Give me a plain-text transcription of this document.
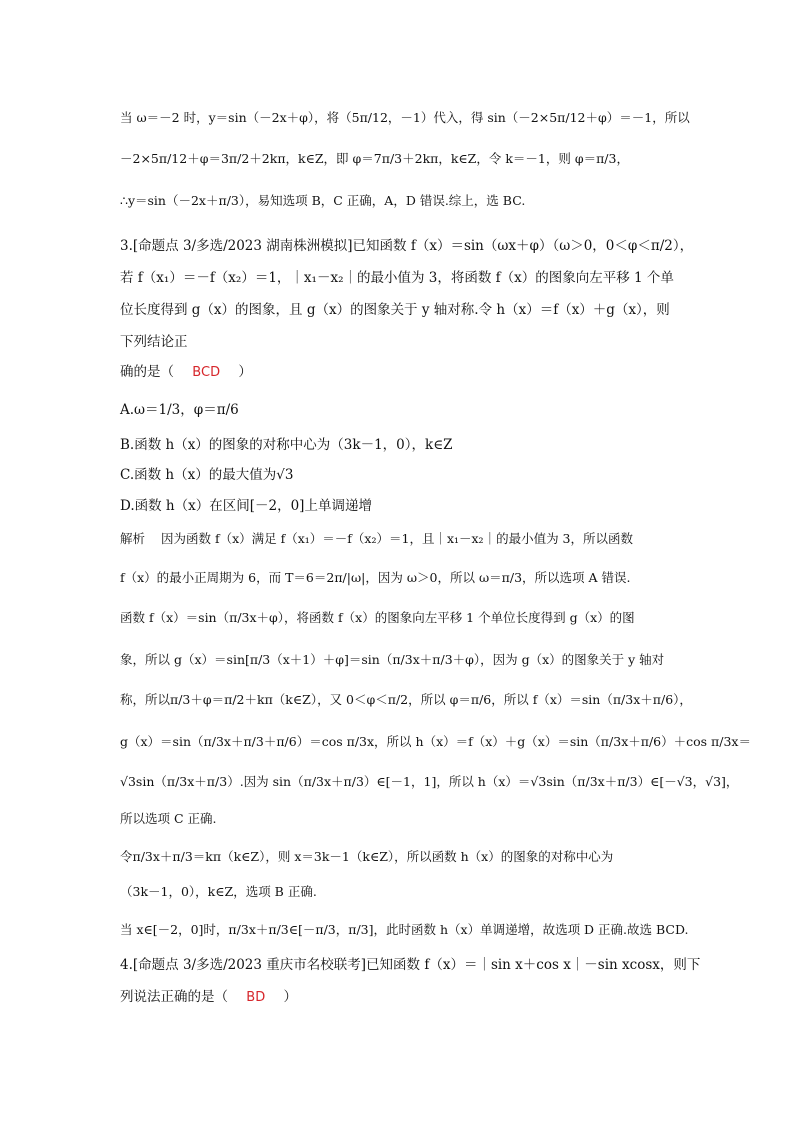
当 ω＝－2 时，y＝sin（－2x＋φ），将（5π/12，－1）代入，得 sin（－2×5π/12＋φ）＝－1，所以
－2×5π/12＋φ＝3π/2＋2kπ，k∈Z，即 φ＝7π/3＋2kπ，k∈Z，令 k＝－1，则 φ＝π/3，
∴y＝sin（－2x＋π/3），易知选项 B，C 正确，A，D 错误.综上，选 BC.
3.[命题点 3/多选/2023 湖南株洲模拟]已知函数 f（x）＝sin（ωx＋φ）（ω＞0，0＜φ＜π/2），
若 f（x₁）＝－f（x₂）＝1，｜x₁－x₂｜的最小值为 3，将函数 f（x）的图象向左平移 1 个单
位长度得到 g（x）的图象，且 g（x）的图象关于 y 轴对称.令 h（x）＝f（x）＋g（x），则
下列结论正
确的是（ BCD ）
A.ω＝1/3，φ＝π/6
B.函数 h（x）的图象的对称中心为（3k－1，0），k∈Z
C.函数 h（x）的最大值为√3
D.函数 h（x）在区间[－2，0]上单调递增
解析 因为函数 f（x）满足 f（x₁）＝－f（x₂）＝1，且｜x₁－x₂｜的最小值为 3，所以函数
f（x）的最小正周期为 6，而 T＝6＝2π/|ω|，因为 ω＞0，所以 ω＝π/3，所以选项 A 错误.
函数 f（x）＝sin（π/3x＋φ），将函数 f（x）的图象向左平移 1 个单位长度得到 g（x）的图
象，所以 g（x）＝sin[π/3（x＋1）＋φ]＝sin（π/3x＋π/3＋φ），因为 g（x）的图象关于 y 轴对
称，所以π/3＋φ＝π/2＋kπ（k∈Z），又 0＜φ＜π/2，所以 φ＝π/6，所以 f（x）＝sin（π/3x＋π/6），
g（x）＝sin（π/3x＋π/3＋π/6）＝cos π/3x，所以 h（x）＝f（x）＋g（x）＝sin（π/3x＋π/6）＋cos π/3x＝
√3sin（π/3x＋π/3）.因为 sin（π/3x＋π/3）∈[－1，1]，所以 h（x）＝√3sin（π/3x＋π/3）∈[－√3，√3]，
所以选项 C 正确.
令π/3x＋π/3＝kπ（k∈Z），则 x＝3k－1（k∈Z），所以函数 h（x）的图象的对称中心为
（3k－1，0），k∈Z，选项 B 正确.
当 x∈[－2，0]时，π/3x＋π/3∈[－π/3，π/3]，此时函数 h（x）单调递增，故选项 D 正确.故选 BCD.
4.[命题点 3/多选/2023 重庆市名校联考]已知函数 f（x）＝｜sin x＋cos x｜－sin xcosx，则下
列说法正确的是（ BD ）
